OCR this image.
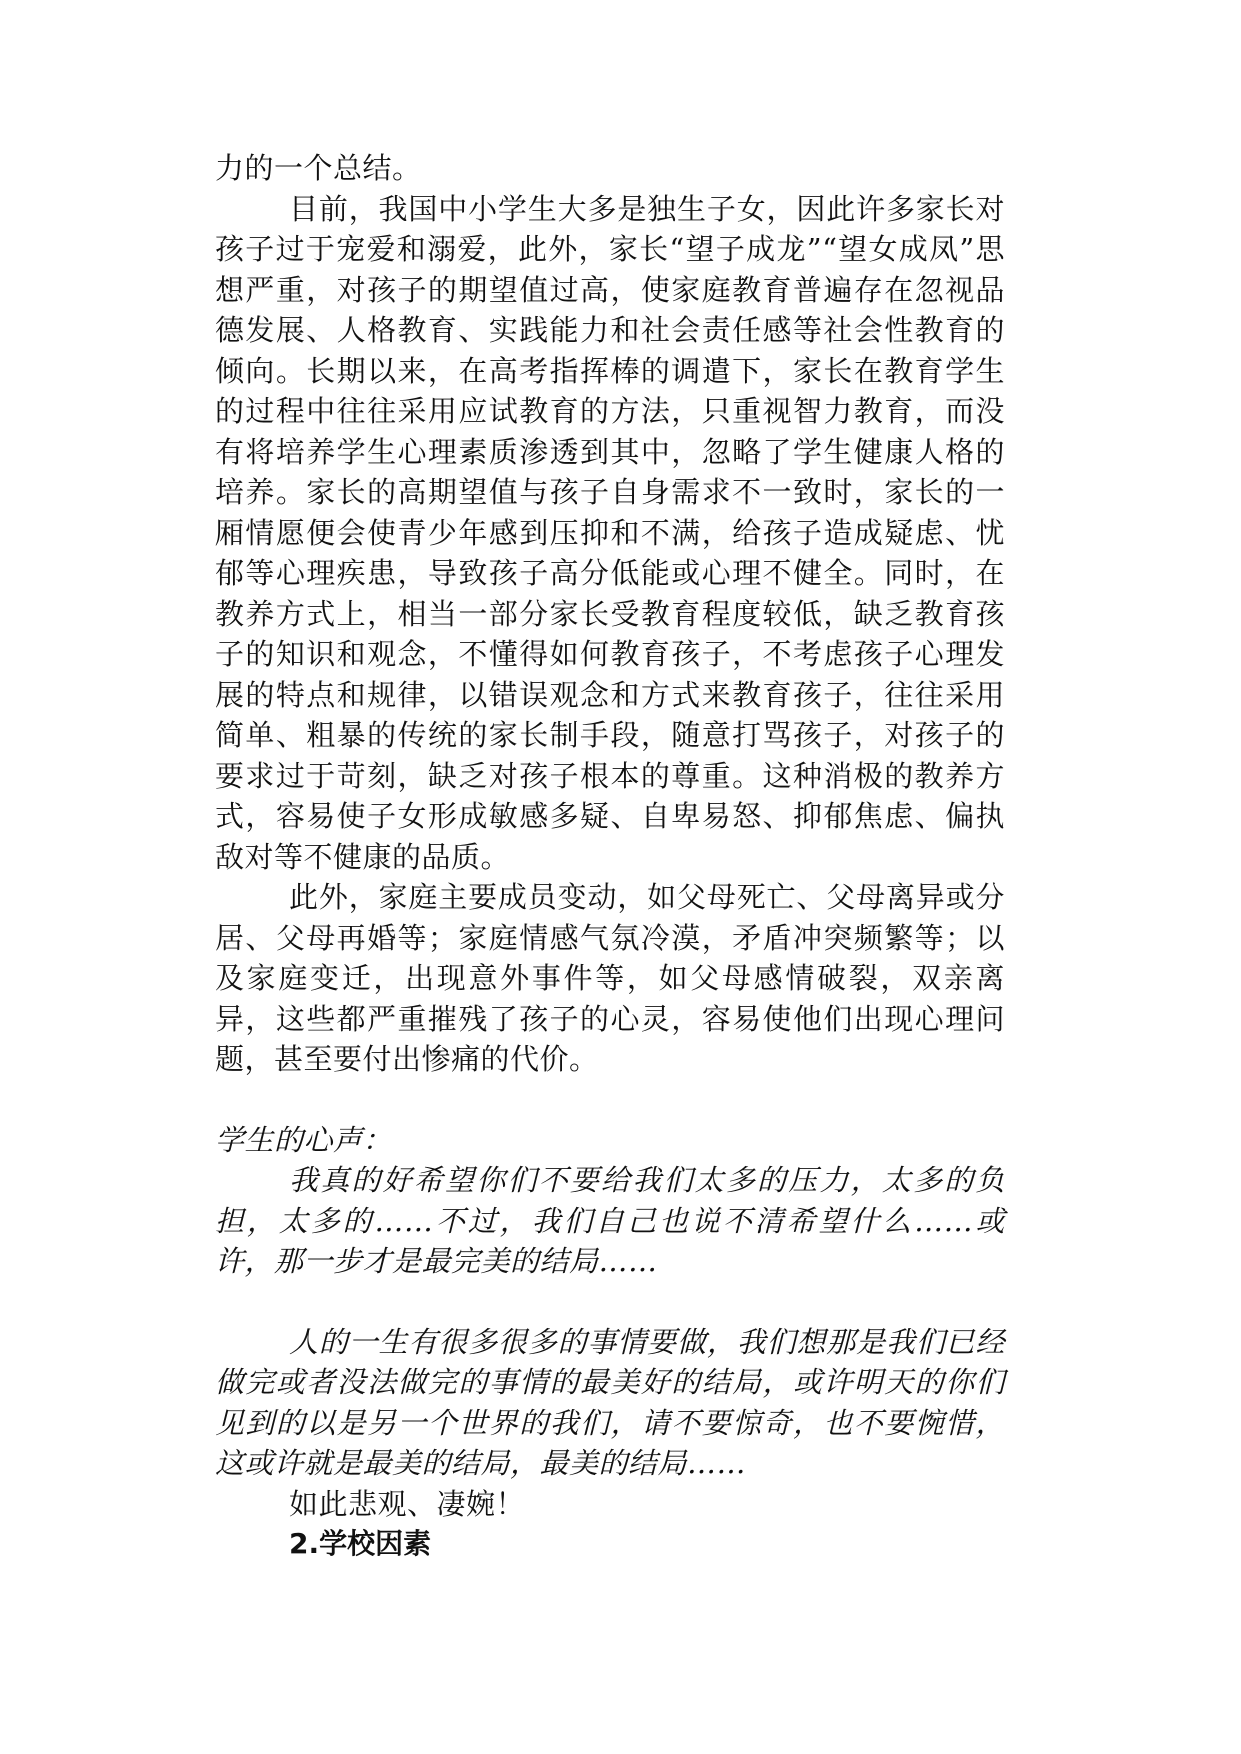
力的一个总结。

目前，我国中小学生大多是独生子女，因此许多家长对孩子过于宠爱和溺爱，此外，家长“望子成龙”“望女成凤”思想严重，对孩子的期望值过高，使家庭教育普遍存在忽视品德发展、人格教育、实践能力和社会责任感等社会性教育的倾向。长期以来，在高考指挥棒的调遣下，家长在教育学生的过程中往往采用应试教育的方法，只重视智力教育，而没有将培养学生心理素质渗透到其中，忽略了学生健康人格的培养。家长的高期望值与孩子自身需求不一致时，家长的一厢情愿便会使青少年感到压抑和不满，给孩子造成疑虑、忧郁等心理疾患，导致孩子高分低能或心理不健全。同时，在教养方式上，相当一部分家长受教育程度较低，缺乏教育孩子的知识和观念，不懂得如何教育孩子，不考虑孩子心理发展的特点和规律，以错误观念和方式来教育孩子，往往采用简单、粗暴的传统的家长制手段，随意打骂孩子，对孩子的要求过于苛刻，缺乏对孩子根本的尊重。这种消极的教养方式，容易使子女形成敏感多疑、自卑易怒、抑郁焦虑、偏执敌对等不健康的品质。

此外，家庭主要成员变动，如父母死亡、父母离异或分居、父母再婚等；家庭情感气氛冷漠，矛盾冲突频繁等；以及家庭变迁，出现意外事件等，如父母感情破裂，双亲离异，这些都严重摧残了孩子的心灵，容易使他们出现心理问题，甚至要付出惨痛的代价。

学生的心声：

我真的好希望你们不要给我们太多的压力，太多的负担，太多的……不过，我们自己也说不清希望什么……或许，那一步才是最完美的结局……

人的一生有很多很多的事情要做，我们想那是我们已经做完或者没法做完的事情的最美好的结局，或许明天的你们见到的以是另一个世界的我们，请不要惊奇，也不要惋惜，这或许就是最美的结局，最美的结局……

如此悲观、凄婉！

2.学校因素
